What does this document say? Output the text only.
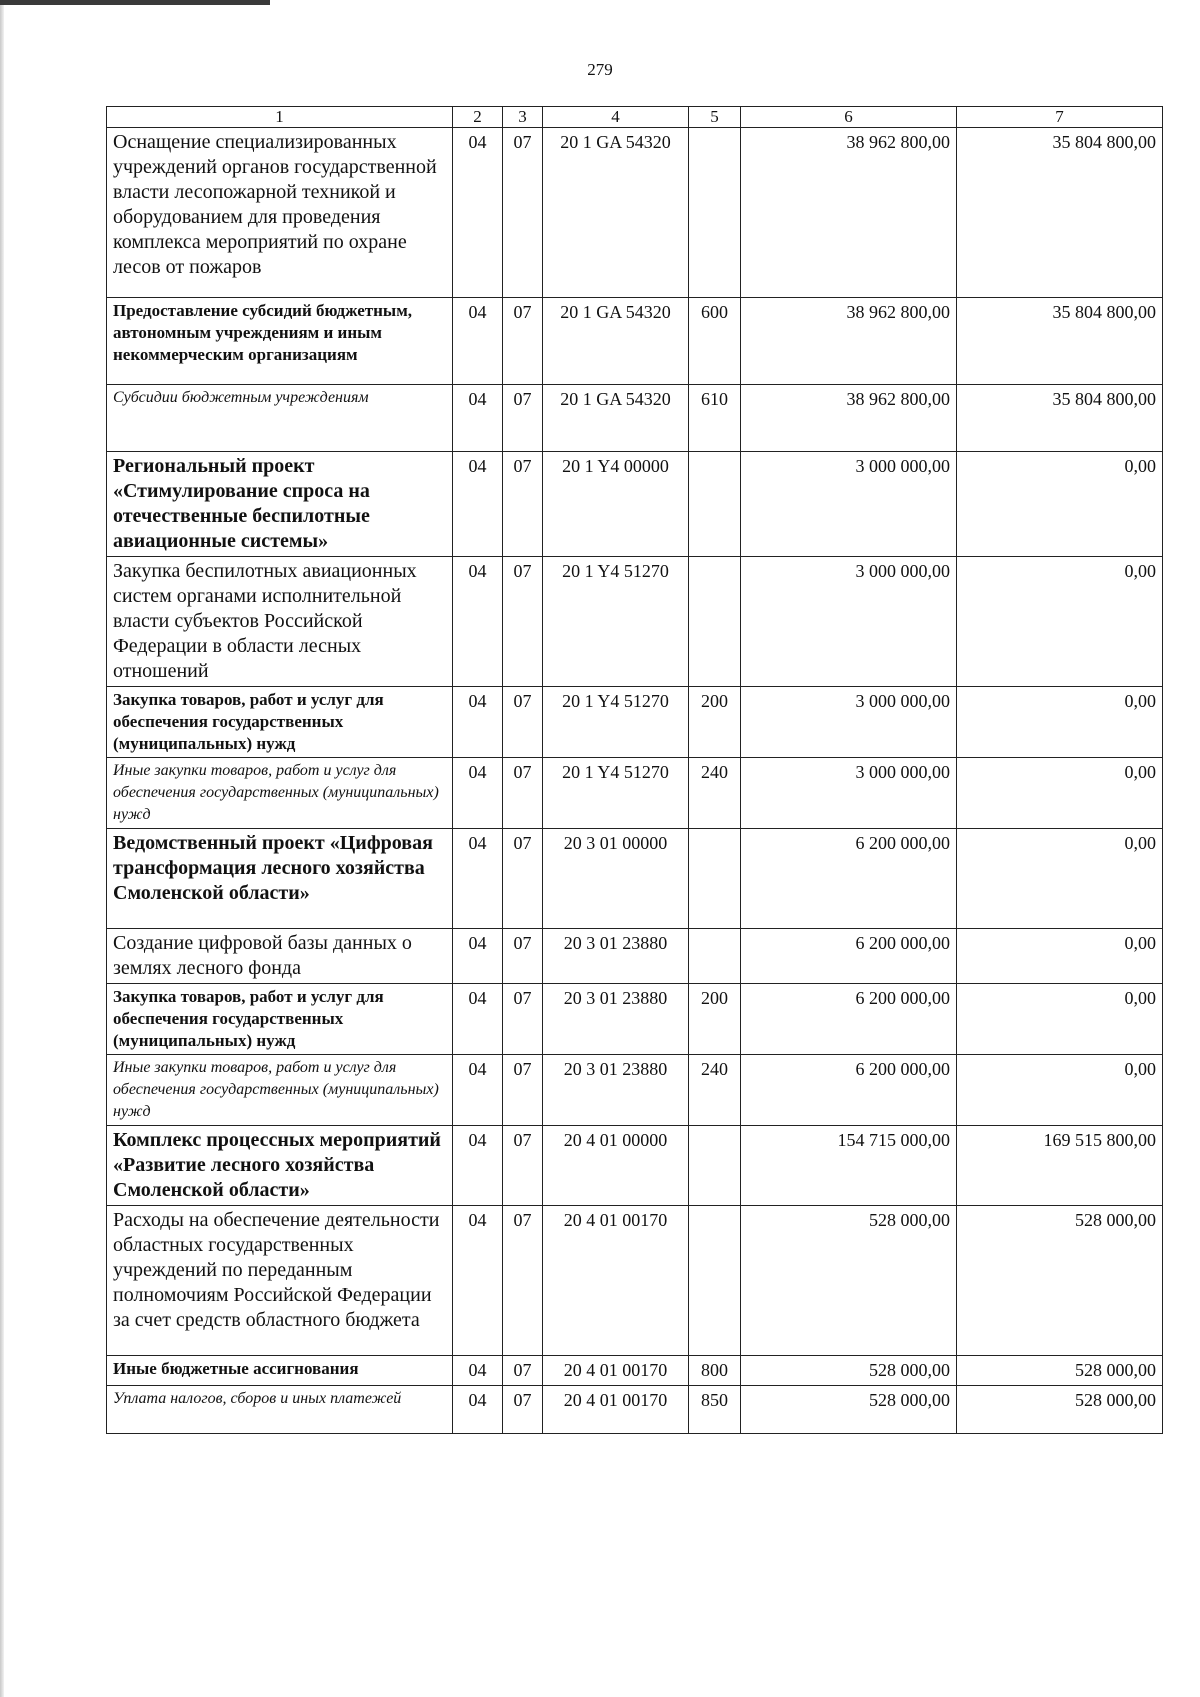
279
1	2	3	4	5	6	7
Оснащение специализированных учреждений органов государственной власти лесопожарной техникой и оборудованием для проведения комплекса мероприятий по охране лесов от пожаров	04	07	20 1 GA 54320		38 962 800,00	35 804 800,00
Предоставление субсидий бюджетным, автономным учреждениям и иным некоммерческим организациям	04	07	20 1 GA 54320	600	38 962 800,00	35 804 800,00
Субсидии бюджетным учреждениям	04	07	20 1 GA 54320	610	38 962 800,00	35 804 800,00
Региональный проект «Стимулирование спроса на отечественные беспилотные авиационные системы»	04	07	20 1 Y4 00000		3 000 000,00	0,00
Закупка беспилотных авиационных систем органами исполнительной власти субъектов Российской Федерации в области лесных отношений	04	07	20 1 Y4 51270		3 000 000,00	0,00
Закупка товаров, работ и услуг для обеспечения государственных (муниципальных) нужд	04	07	20 1 Y4 51270	200	3 000 000,00	0,00
Иные закупки товаров, работ и услуг для обеспечения государственных (муниципальных) нужд	04	07	20 1 Y4 51270	240	3 000 000,00	0,00
Ведомственный проект «Цифровая трансформация лесного хозяйства Смоленской области»	04	07	20 3 01 00000		6 200 000,00	0,00
Создание цифровой базы данных о землях лесного фонда	04	07	20 3 01 23880		6 200 000,00	0,00
Закупка товаров, работ и услуг для обеспечения государственных (муниципальных) нужд	04	07	20 3 01 23880	200	6 200 000,00	0,00
Иные закупки товаров, работ и услуг для обеспечения государственных (муниципальных) нужд	04	07	20 3 01 23880	240	6 200 000,00	0,00
Комплекс процессных мероприятий «Развитие лесного хозяйства Смоленской области»	04	07	20 4 01 00000		154 715 000,00	169 515 800,00
Расходы на обеспечение деятельности областных государственных учреждений по переданным полномочиям Российской Федерации за счет средств областного бюджета	04	07	20 4 01 00170		528 000,00	528 000,00
Иные бюджетные ассигнования	04	07	20 4 01 00170	800	528 000,00	528 000,00
Уплата налогов, сборов и иных платежей	04	07	20 4 01 00170	850	528 000,00	528 000,00
